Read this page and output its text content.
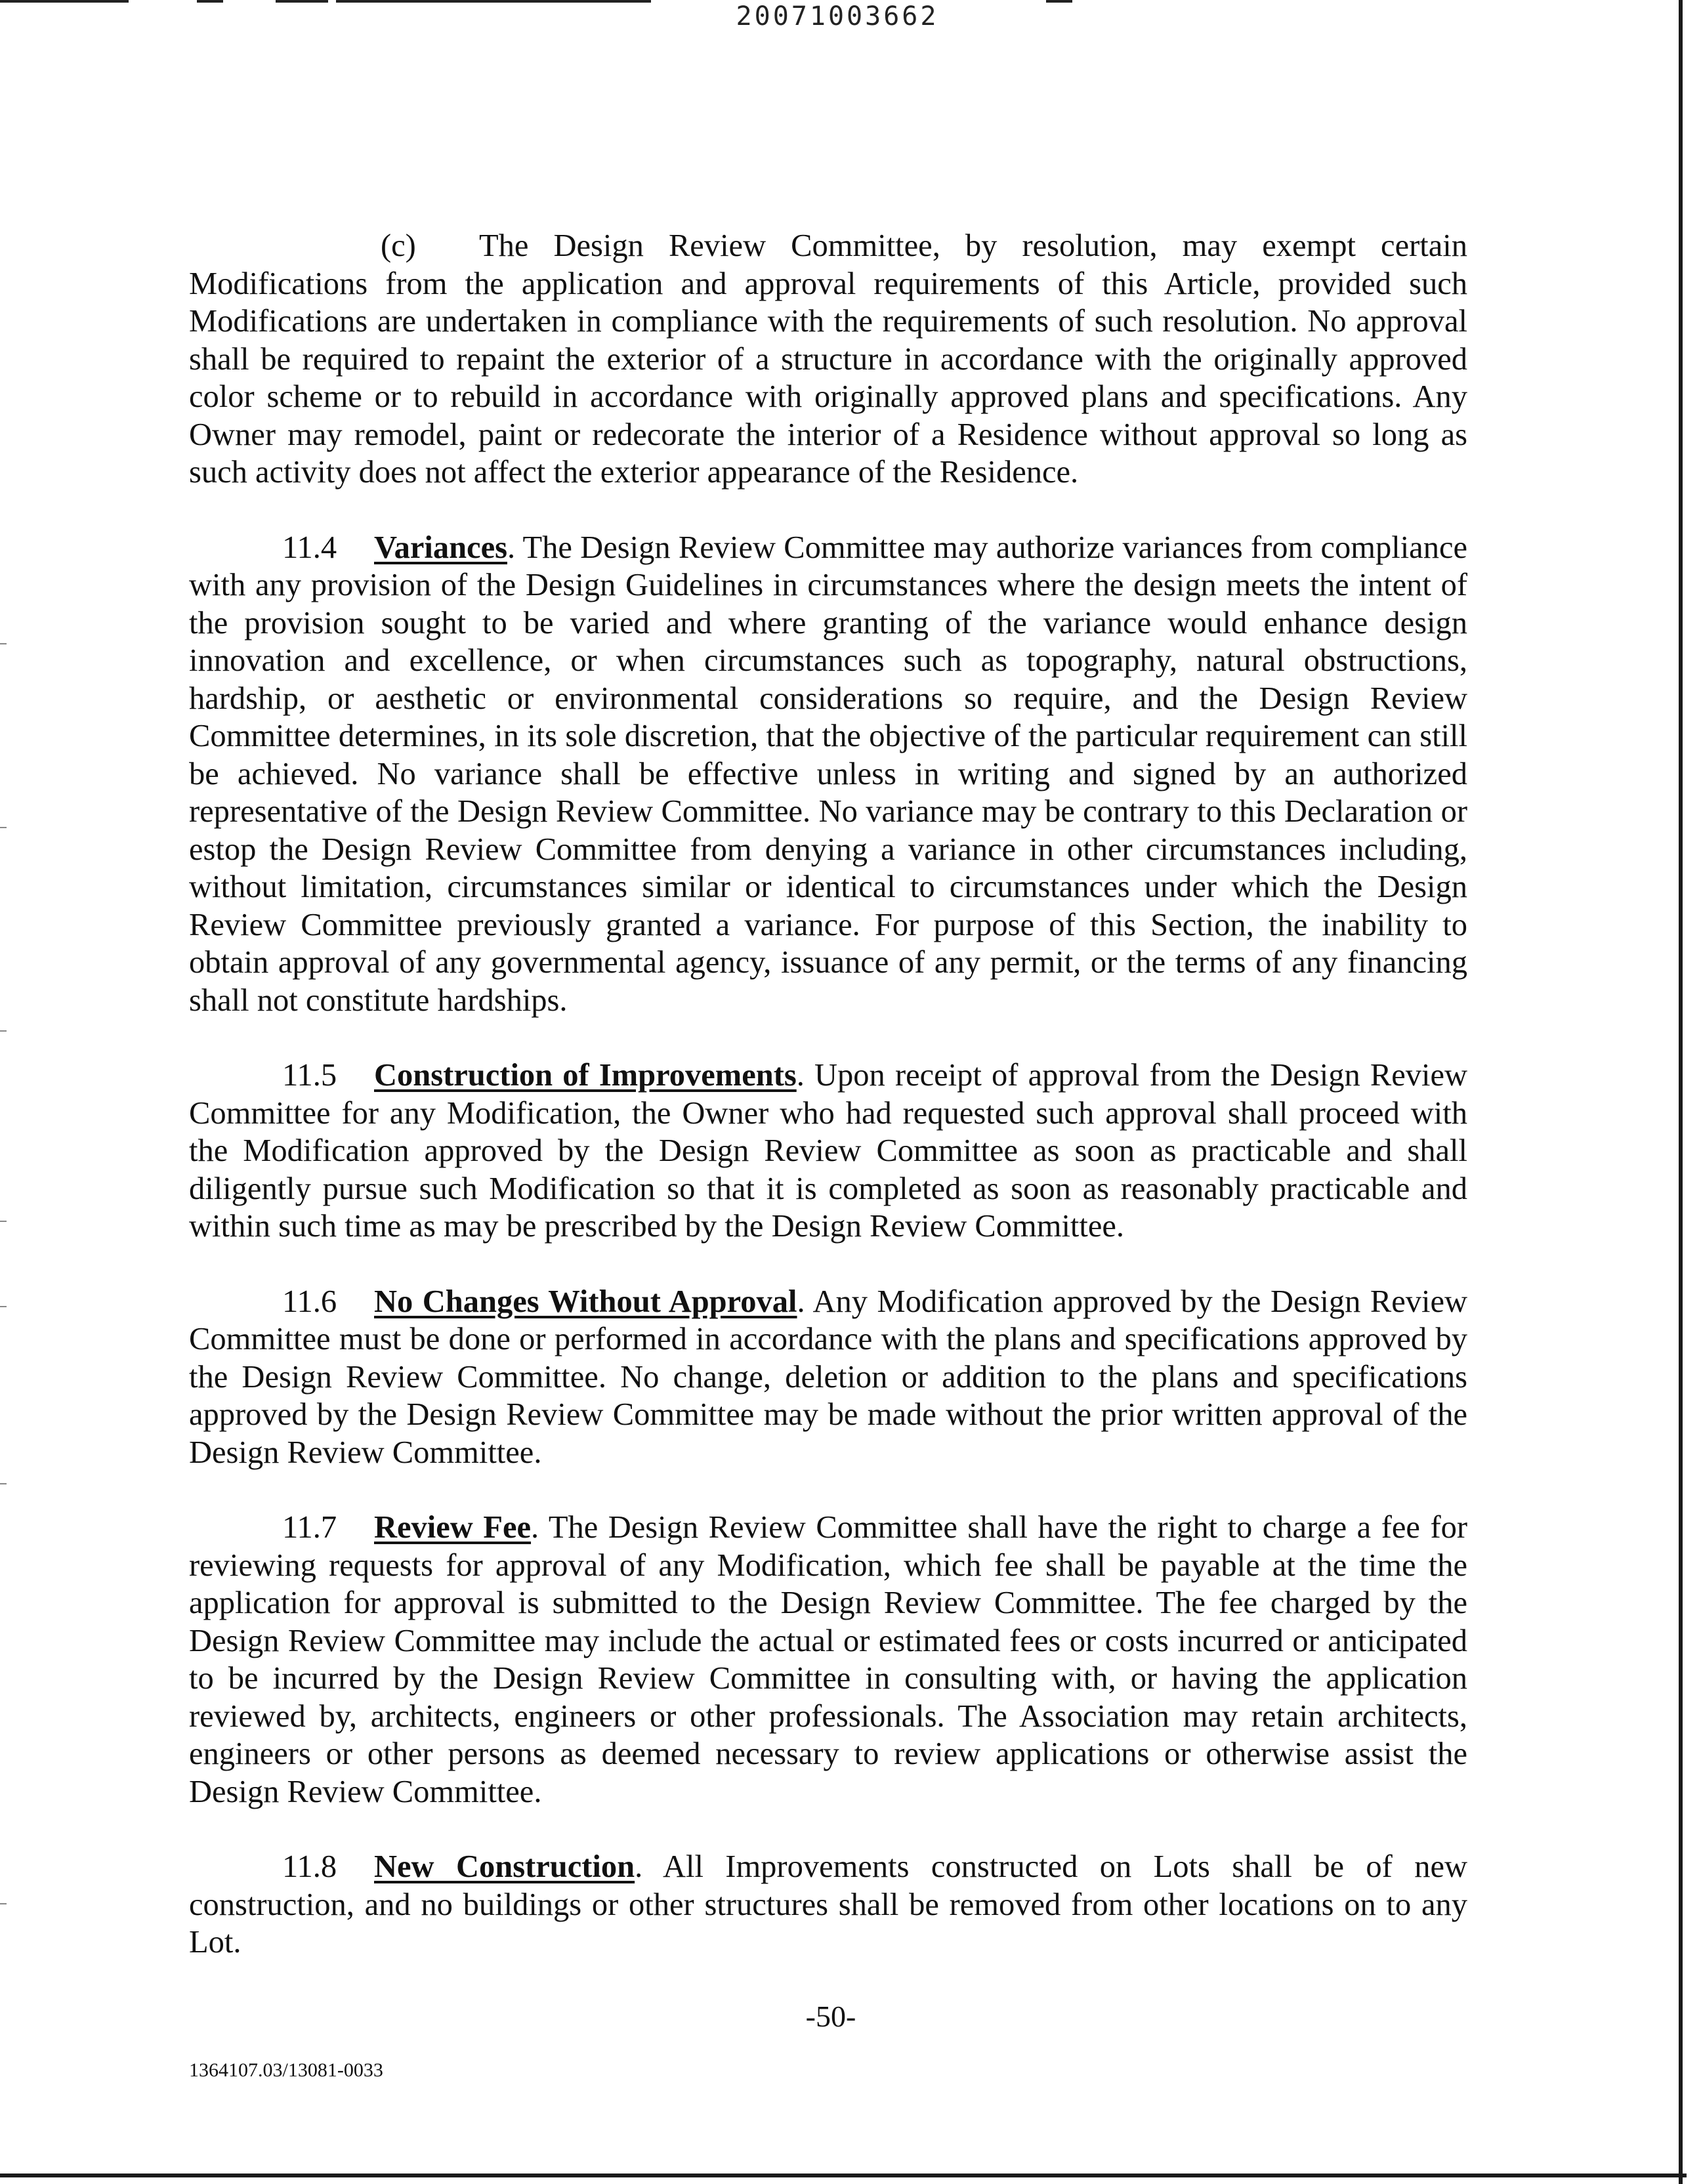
20071003662

(c) The Design Review Committee, by resolution, may exempt certain Modifications from the application and approval requirements of this Article, provided such Modifications are undertaken in compliance with the requirements of such resolution. No approval shall be required to repaint the exterior of a structure in accordance with the originally approved color scheme or to rebuild in accordance with originally approved plans and specifications. Any Owner may remodel, paint or redecorate the interior of a Residence without approval so long as such activity does not affect the exterior appearance of the Residence.

11.4 Variances. The Design Review Committee may authorize variances from compliance with any provision of the Design Guidelines in circumstances where the design meets the intent of the provision sought to be varied and where granting of the variance would enhance design innovation and excellence, or when circumstances such as topography, natural obstructions, hardship, or aesthetic or environmental considerations so require, and the Design Review Committee determines, in its sole discretion, that the objective of the particular requirement can still be achieved. No variance shall be effective unless in writing and signed by an authorized representative of the Design Review Committee. No variance may be contrary to this Declaration or estop the Design Review Committee from denying a variance in other circumstances including, without limitation, circumstances similar or identical to circumstances under which the Design Review Committee previously granted a variance. For purpose of this Section, the inability to obtain approval of any governmental agency, issuance of any permit, or the terms of any financing shall not constitute hardships.

11.5 Construction of Improvements. Upon receipt of approval from the Design Review Committee for any Modification, the Owner who had requested such approval shall proceed with the Modification approved by the Design Review Committee as soon as practicable and shall diligently pursue such Modification so that it is completed as soon as reasonably practicable and within such time as may be prescribed by the Design Review Committee.

11.6 No Changes Without Approval. Any Modification approved by the Design Review Committee must be done or performed in accordance with the plans and specifications approved by the Design Review Committee. No change, deletion or addition to the plans and specifications approved by the Design Review Committee may be made without the prior written approval of the Design Review Committee.

11.7 Review Fee. The Design Review Committee shall have the right to charge a fee for reviewing requests for approval of any Modification, which fee shall be payable at the time the application for approval is submitted to the Design Review Committee. The fee charged by the Design Review Committee may include the actual or estimated fees or costs incurred or anticipated to be incurred by the Design Review Committee in consulting with, or having the application reviewed by, architects, engineers or other professionals. The Association may retain architects, engineers or other persons as deemed necessary to review applications or otherwise assist the Design Review Committee.

11.8 New Construction. All Improvements constructed on Lots shall be of new construction, and no buildings or other structures shall be removed from other locations on to any Lot.

-50-
1364107.03/13081-0033
